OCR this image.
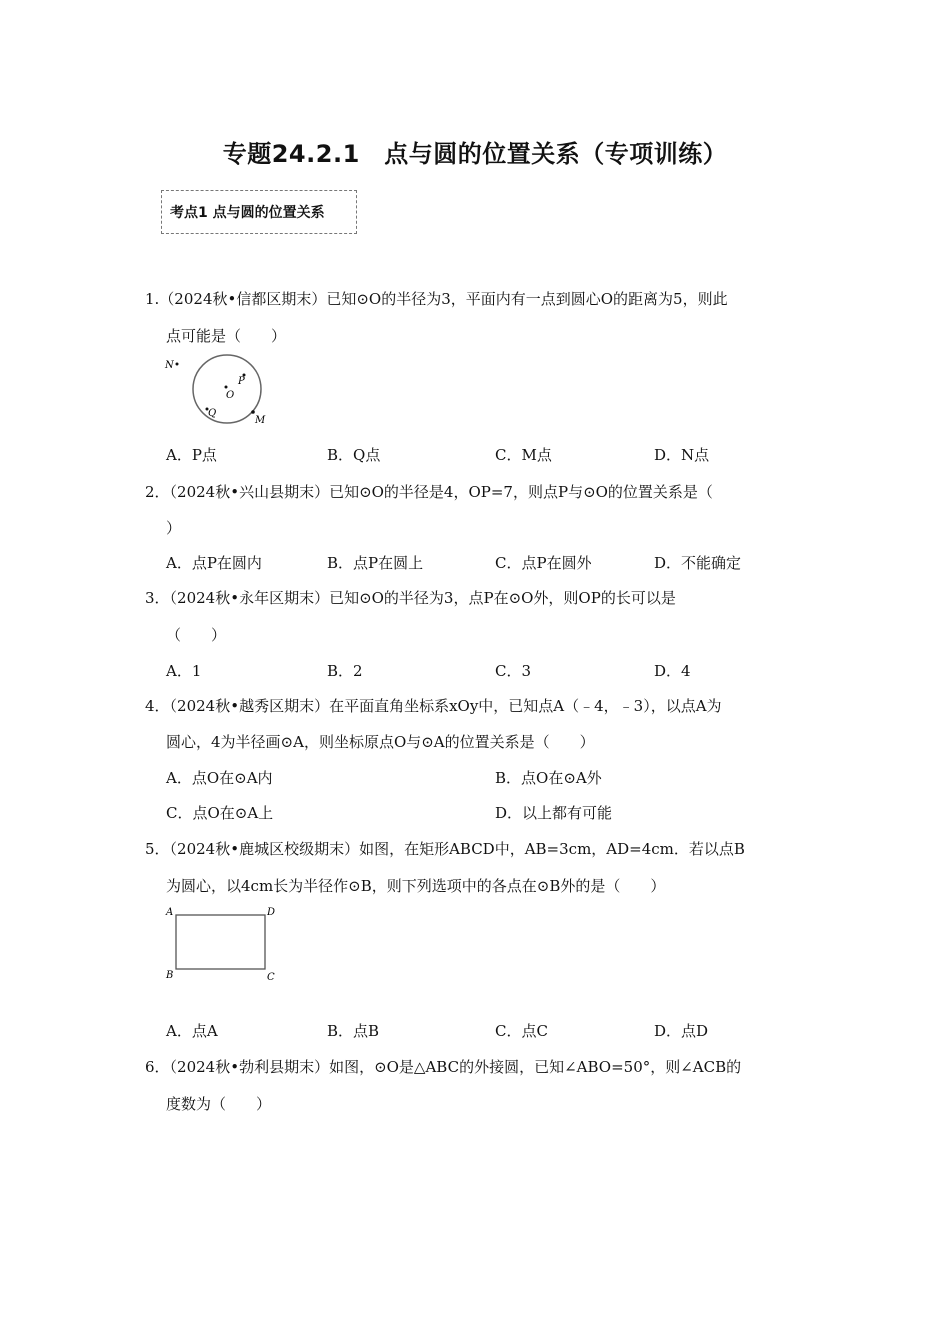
专题24.2.1　点与圆的位置关系（专项训练）
考点1 点与圆的位置关系
1.（2024秋•信都区期末）已知⊙O的半径为3，平面内有一点到圆心O的距离为5，则此
点可能是（　　）
N
P
O
Q
M
A．P点	B．Q点	C．M点	D．N点
2．（2024秋•兴山县期末）已知⊙O的半径是4，OP=7，则点P与⊙O的位置关系是（
）
A．点P在圆内	B．点P在圆上	C．点P在圆外	D．不能确定
3．（2024秋•永年区期末）已知⊙O的半径为3，点P在⊙O外，则OP的长可以是
（　　）
A．1	B．2	C．3	D．4
4．（2024秋•越秀区期末）在平面直角坐标系xOy中，已知点A（﹣4，﹣3），以点A为
圆心，4为半径画⊙A，则坐标原点O与⊙A的位置关系是（　　）
A．点O在⊙A内	B．点O在⊙A外
C．点O在⊙A上	D．以上都有可能
5．（2024秋•鹿城区校级期末）如图，在矩形ABCD中，AB=3cm，AD=4cm．若以点B
为圆心，以4cm长为半径作⊙B，则下列选项中的各点在⊙B外的是（　　）
A	D
B	C
A．点A	B．点B	C．点C	D．点D
6．（2024秋•勃利县期末）如图，⊙O是△ABC的外接圆，已知∠ABO=50°，则∠ACB的
度数为（　　）
